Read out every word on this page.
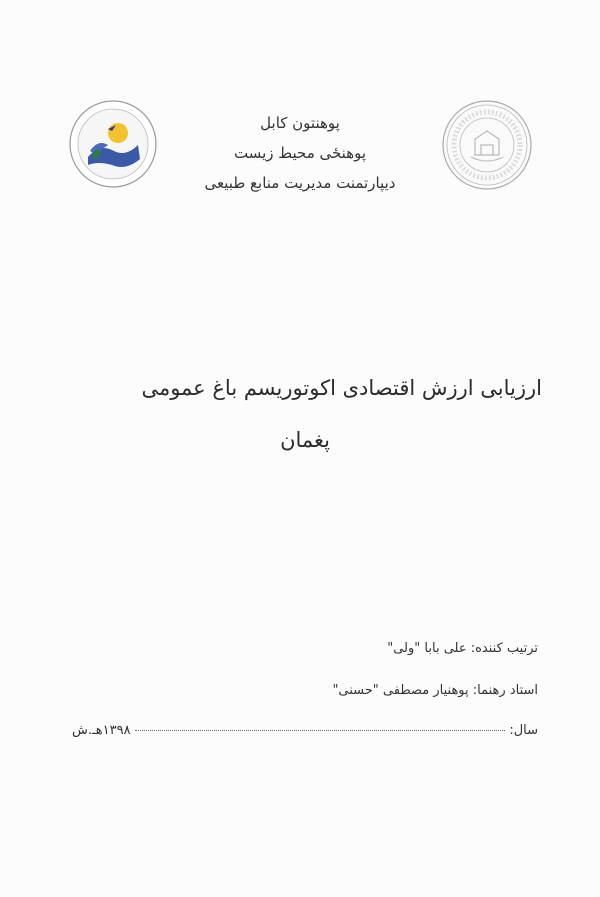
پوهنتون کابل
پوهنځی محیط زیست
دیپارتمنت مدیریت منابع طبیعی
ارزیابی ارزش اقتصادی اکوتوریسم باغ عمومی
پغمان
ترتیب کننده: علی بابا "ولی"
استاد رهنما: پوهنیار مصطفی "حسنی"
سال:
۱۳۹۸هـ.ش
